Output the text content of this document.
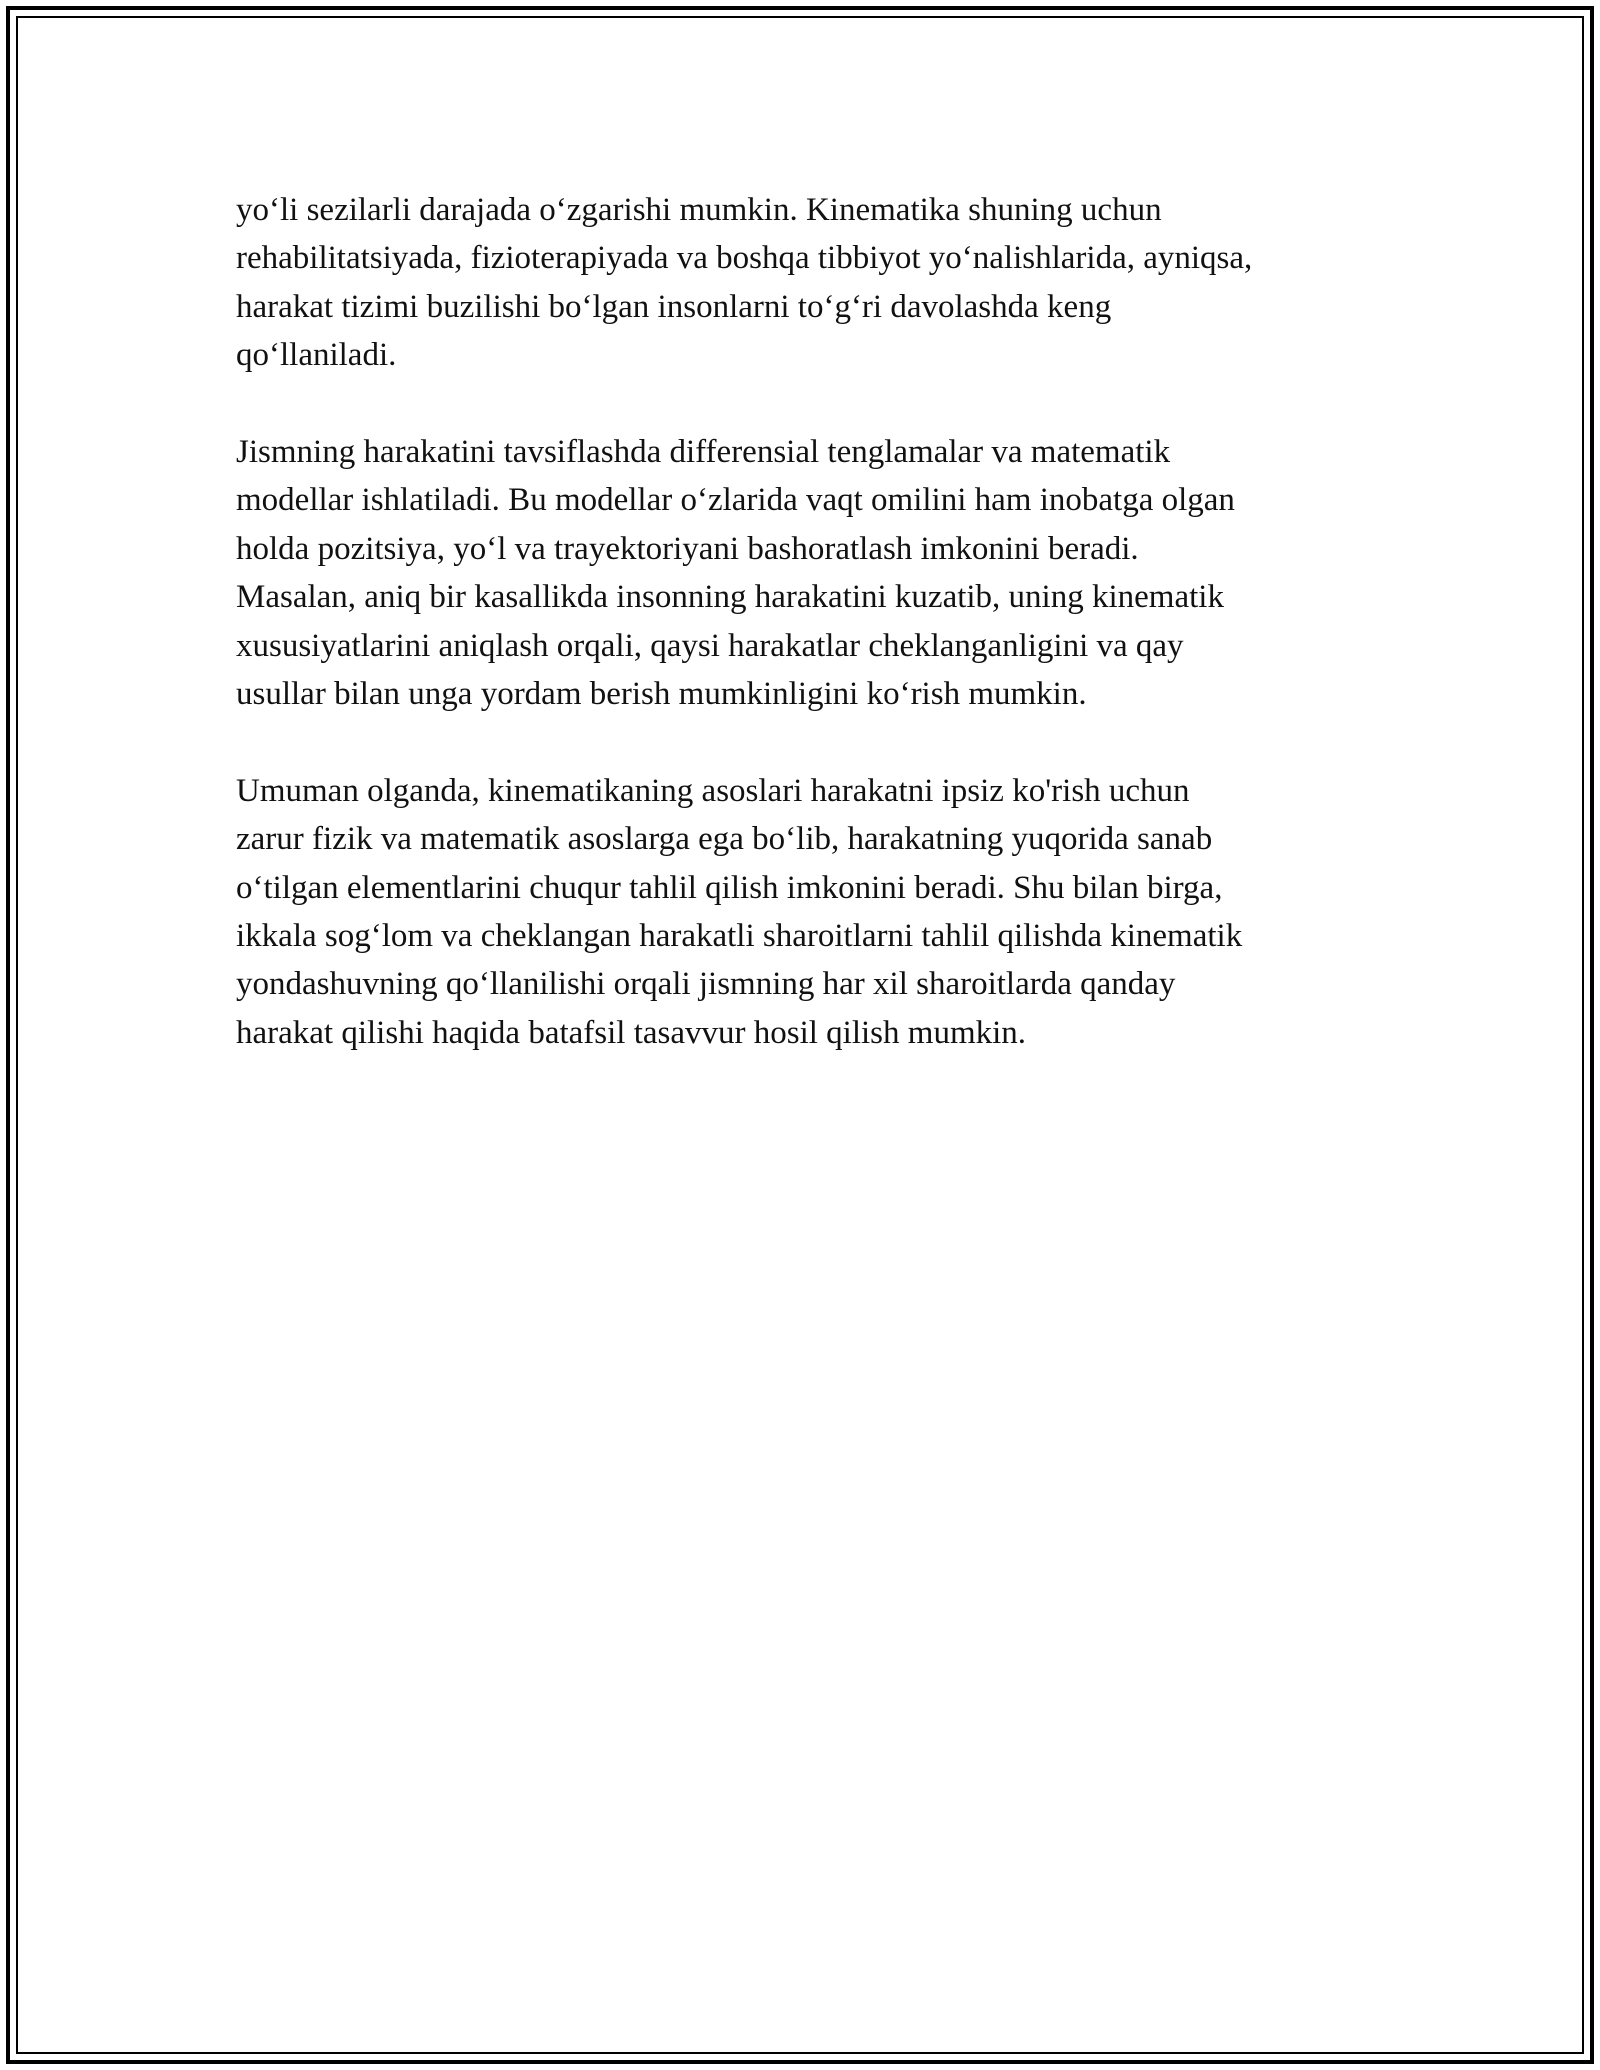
yo‘li sezilarli darajada o‘zgarishi mumkin. Kinematika shuning uchun
rehabilitatsiyada, fizioterapiyada va boshqa tibbiyot yo‘nalishlarida, ayniqsa,
harakat tizimi buzilishi bo‘lgan insonlarni to‘g‘ri davolashda keng
qo‘llaniladi.

Jismning harakatini tavsiflashda differensial tenglamalar va matematik
modellar ishlatiladi. Bu modellar o‘zlarida vaqt omilini ham inobatga olgan
holda pozitsiya, yo‘l va trayektoriyani bashoratlash imkonini beradi.
Masalan, aniq bir kasallikda insonning harakatini kuzatib, uning kinematik
xususiyatlarini aniqlash orqali, qaysi harakatlar cheklanganligini va qay
usullar bilan unga yordam berish mumkinligini ko‘rish mumkin.

Umuman olganda, kinematikaning asoslari harakatni ipsiz ko'rish uchun
zarur fizik va matematik asoslarga ega bo‘lib, harakatning yuqorida sanab
o‘tilgan elementlarini chuqur tahlil qilish imkonini beradi. Shu bilan birga,
ikkala sog‘lom va cheklangan harakatli sharoitlarni tahlil qilishda kinematik
yondashuvning qo‘llanilishi orqali jismning har xil sharoitlarda qanday
harakat qilishi haqida batafsil tasavvur hosil qilish mumkin.
